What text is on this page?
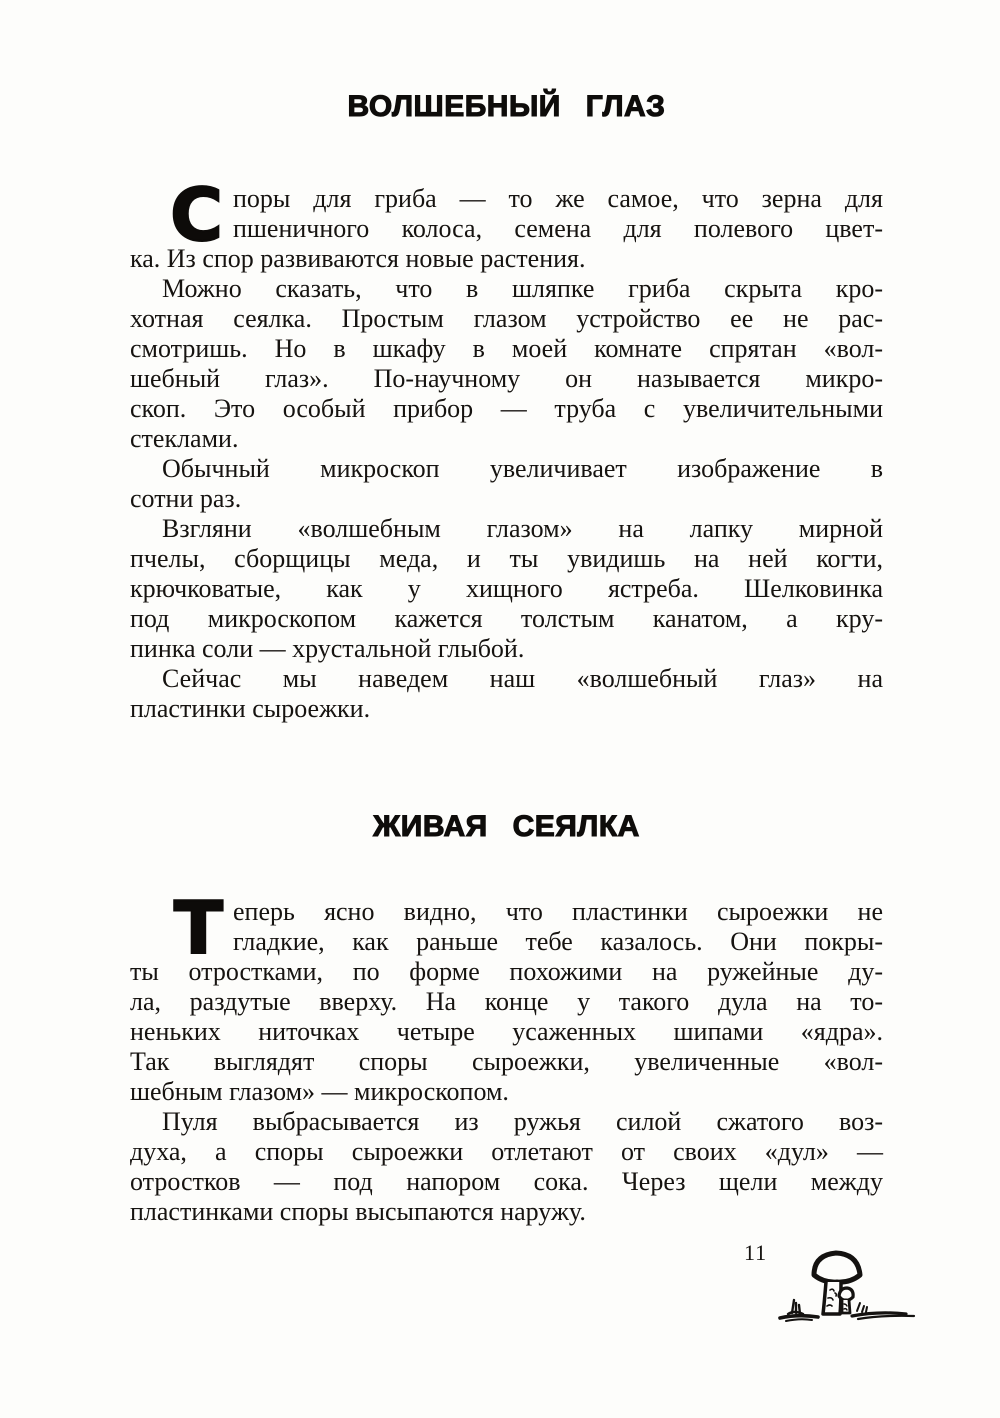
ВОЛШЕБНЫЙ ГЛАЗ
С поры для гриба — то же самое, что зерна для
пшеничного колоса, семена для полевого цвет-
ка. Из спор развиваются новые растения.
Можно сказать, что в шляпке гриба скрыта кро-
хотная сеялка. Простым глазом устройство ее не рас-
смотришь. Но в шкафу в моей комнате спрятан «вол-
шебный глаз». По-научному он называется микро-
скоп. Это особый прибор — труба с увеличительными
стеклами.
Обычный микроскоп увеличивает изображение в
сотни раз.
Взгляни «волшебным глазом» на лапку мирной
пчелы, сборщицы меда, и ты увидишь на ней когти,
крючковатые, как у хищного ястреба. Шелковинка
под микроскопом кажется толстым канатом, а кру-
пинка соли — хрустальной глыбой.
Сейчас мы наведем наш «волшебный глаз» на
пластинки сыроежки.
ЖИВАЯ СЕЯЛКА
Т еперь ясно видно, что пластинки сыроежки не
гладкие, как раньше тебе казалось. Они покры-
ты отростками, по форме похожими на ружейные ду-
ла, раздутые вверху. На конце у такого дула на то-
неньких ниточках четыре усаженных шипами «ядра».
Так выглядят споры сыроежки, увеличенные «вол-
шебным глазом» — микроскопом.
Пуля выбрасывается из ружья силой сжатого воз-
духа, а споры сыроежки отлетают от своих «дул» —
отростков — под напором сока. Через щели между
пластинками споры высыпаются наружу.
11
